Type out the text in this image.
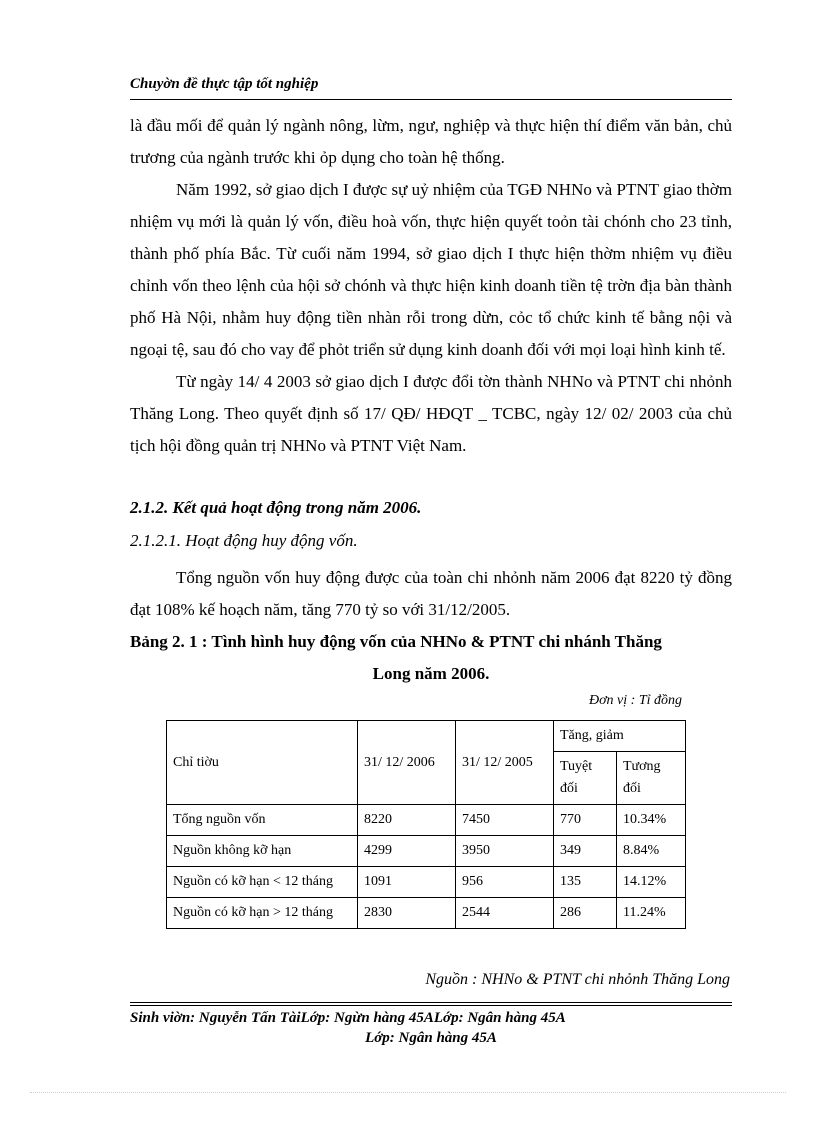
Chuyờn đề thực tập tốt nghiệp

là đầu mối để quản lý ngành nông, lừm, ngư, nghiệp và thực hiện thí điểm văn bản, chủ trương của ngành trước khi ỏp dụng cho toàn hệ thống.

Năm 1992, sở giao dịch I được sự uỷ nhiệm của TGĐ NHNo và PTNT giao thờm nhiệm vụ mới là quản lý vốn, điều hoà vốn, thực hiện quyết toỏn tài chónh cho 23 tỉnh, thành phố phía Bắc. Từ cuối năm 1994, sở giao dịch I thực hiện thờm nhiệm vụ điều chỉnh vốn theo lệnh của hội sở chónh và thực hiện kinh doanh tiền tệ trờn địa bàn thành phố Hà Nội, nhằm huy động tiền nhàn rỗi trong dừn, cỏc tổ chức kinh tế bằng nội và ngoại tệ, sau đó cho vay để phỏt triển sử dụng kinh doanh đối với mọi loại hình kinh tế.

Từ ngày 14/ 4 2003 sở giao dịch I được đổi tờn thành NHNo và PTNT chi nhỏnh Thăng Long. Theo quyết định số 17/ QĐ/ HĐQT _ TCBC, ngày 12/ 02/ 2003 của chủ tịch hội đồng quản trị NHNo và PTNT Việt Nam.

2.1.2. Kết quả hoạt động trong năm 2006.
2.1.2.1. Hoạt động huy động vốn.

Tổng nguồn vốn huy động được của toàn chi nhỏnh năm 2006 đạt 8220 tỷ đồng đạt 108% kế hoạch năm, tăng 770 tỷ so với 31/12/2005.

Bảng 2. 1 : Tình hình huy động vốn của NHNo & PTNT chi nhánh Thăng

Long năm 2006.

Đơn vị : Tỉ đồng
Chỉ tiờu	31/ 12/ 2006	31/ 12/ 2005	Tăng, giảm	
			Tuyệt đối	Tương đối
Tổng nguồn vốn	8220	7450	770	10.34%
Nguồn không kỡ hạn	4299	3950	349	8.84%
Nguồn có kỡ hạn < 12 tháng	1091	956	135	14.12%
Nguồn có kỡ hạn > 12 tháng	2830	2544	286	11.24%
Nguồn : NHNo & PTNT chi nhỏnh Thăng Long
Sinh viờn: Nguyễn Tấn TàiLớp: Ngừn hàng 45ALớp: Ngân hàng 45A
Lớp: Ngân hàng 45A
